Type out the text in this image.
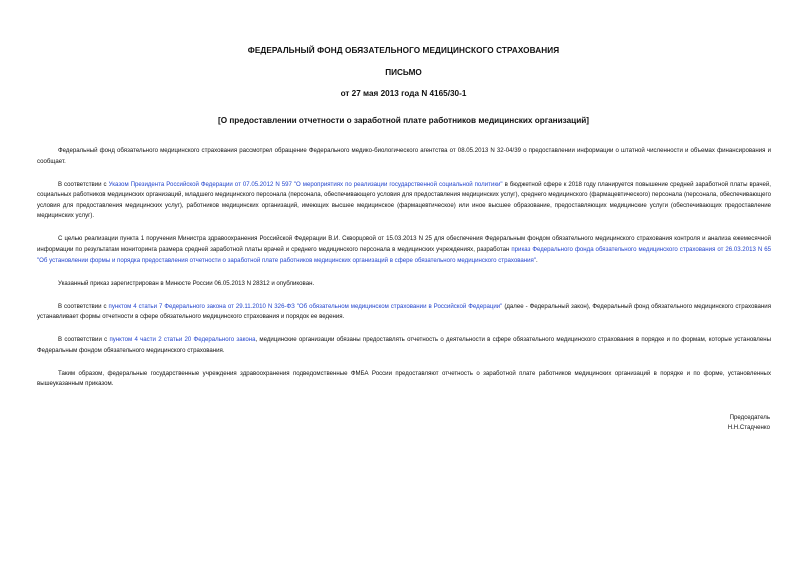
ФЕДЕРАЛЬНЫЙ ФОНД ОБЯЗАТЕЛЬНОГО МЕДИЦИНСКОГО СТРАХОВАНИЯ
ПИСЬМО
от 27 мая 2013 года N 4165/30-1
[О предоставлении отчетности о заработной плате работников медицинских организаций]

Федеральный фонд обязательного медицинского страхования рассмотрел обращение Федерального медико-биологического агентства от 08.05.2013 N 32-04/39 о предоставлении информации о штатной численности и объемах финансирования и сообщает.

В соответствии с Указом Президента Российской Федерации от 07.05.2012 N 597 "О мероприятиях по реализации государственной социальной политики" в бюджетной сфере к 2018 году планируется повышение средней заработной платы врачей, социальных работников медицинских организаций, младшего медицинского персонала (персонала, обеспечивающего условия для предоставления медицинских услуг), среднего медицинского (фармацевтического) персонала (персонала, обеспечивающего условия для предоставления медицинских услуг), работников медицинских организаций, имеющих высшее медицинское (фармацевтическое) или иное высшее образование, предоставляющих медицинские услуги (обеспечивающих предоставление медицинских услуг).

С целью реализации пункта 1 поручения Министра здравоохранения Российской Федерации В.И. Скворцовой от 15.03.2013 N 25 для обеспечения Федеральным фондом обязательного медицинского страхования контроля и анализа ежемесячной информации по результатам мониторинга размера средней заработной платы врачей и среднего медицинского персонала в медицинских учреждениях, разработан приказ Федерального фонда обязательного медицинского страхования от 26.03.2013 N 65 "Об установлении формы и порядка предоставления отчетности о заработной плате работников медицинских организаций в сфере обязательного медицинского страхования".

Указанный приказ зарегистрирован в Минюсте России 06.05.2013 N 28312 и опубликован.

В соответствии с пунктом 4 статьи 7 Федерального закона от 29.11.2010 N 326-ФЗ "Об обязательном медицинском страховании в Российской Федерации" (далее - Федеральный закон), Федеральный фонд обязательного медицинского страхования устанавливает формы отчетности в сфере обязательного медицинского страхования и порядок ее ведения.

В соответствии с пунктом 4 части 2 статьи 20 Федерального закона, медицинские организации обязаны предоставлять отчетность о деятельности в сфере обязательного медицинского страхования в порядке и по формам, которые установлены Федеральным фондом обязательного медицинского страхования.

Таким образом, федеральные государственные учреждения здравоохранения подведомственные ФМБА России предоставляют отчетность о заработной плате работников медицинских организаций в порядке и по форме, установленных вышеуказанным приказом.

Председатель
Н.Н.Стадченко
